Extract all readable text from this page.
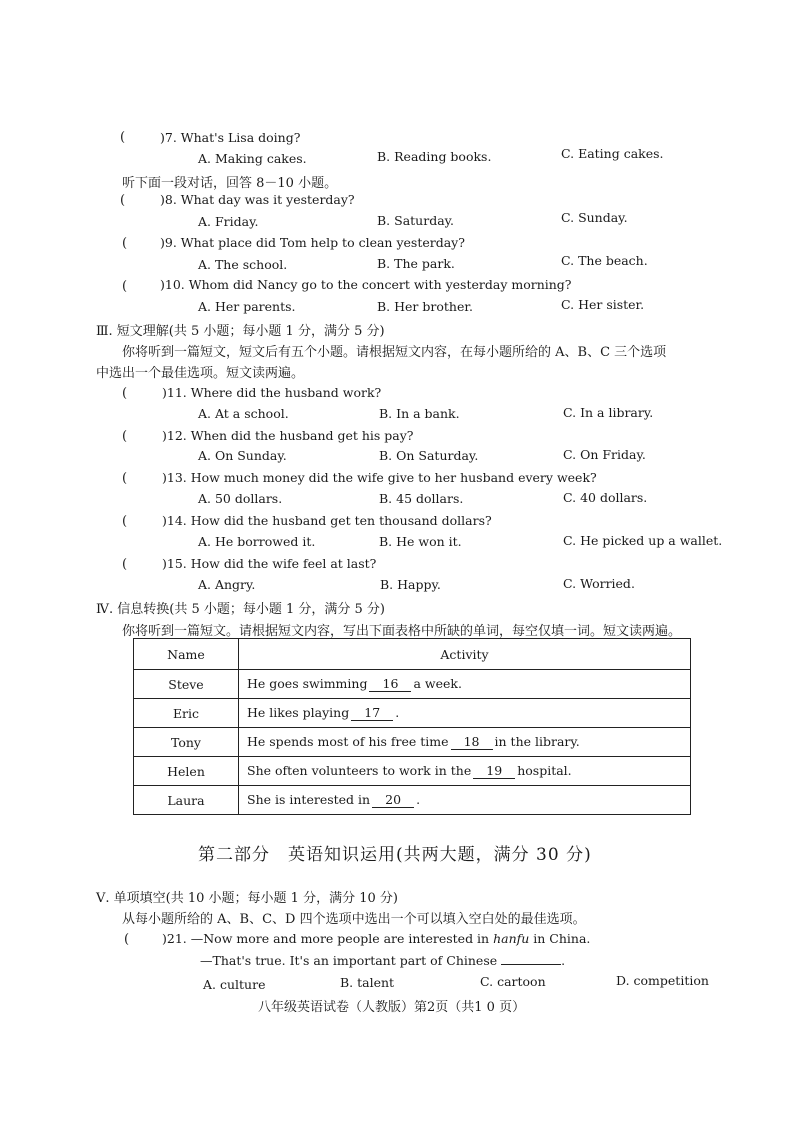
(	)7. What's Lisa doing?
A. Making cakes.	B. Reading books.	C. Eating cakes.
听下面一段对话，回答 8－10 小题。
(	)8. What day was it yesterday?
A. Friday.	B. Saturday.	C. Sunday.
(	)9. What place did Tom help to clean yesterday?
A. The school.	B. The park.	C. The beach.
(	)10. Whom did Nancy go to the concert with yesterday morning?
A. Her parents.	B. Her brother.	C. Her sister.
Ⅲ. 短文理解(共 5 小题；每小题 1 分，满分 5 分)
你将听到一篇短文，短文后有五个小题。请根据短文内容，在每小题所给的 A、B、C 三个选项
中选出一个最佳选项。短文读两遍。
(	)11. Where did the husband work?
A. At a school.	B. In a bank.	C. In a library.
(	)12. When did the husband get his pay?
A. On Sunday.	B. On Saturday.	C. On Friday.
(	)13. How much money did the wife give to her husband every week?
A. 50 dollars.	B. 45 dollars.	C. 40 dollars.
(	)14. How did the husband get ten thousand dollars?
A. He borrowed it.	B. He won it.	C. He picked up a wallet.
(	)15. How did the wife feel at last?
A. Angry.	B. Happy.	C. Worried.
Ⅳ. 信息转换(共 5 小题；每小题 1 分，满分 5 分)
你将听到一篇短文。请根据短文内容，写出下面表格中所缺的单词，每空仅填一词。短文读两遍。
Name	Activity
Steve	He goes swimming 16 a week.
Eric	He likes playing 17 .
Tony	He spends most of his free time 18 in the library.
Helen	She often volunteers to work in the 19 hospital.
Laura	She is interested in 20 .
第二部分　英语知识运用(共两大题，满分 30 分)
Ⅴ. 单项填空(共 10 小题；每小题 1 分，满分 10 分)
从每小题所给的 A、B、C、D 四个选项中选出一个可以填入空白处的最佳选项。
(	)21. —Now more and more people are interested in hanfu in China.
—That's true. It's an important part of Chinese	.
A. culture	B. talent	C. cartoon	D. competition
八年级英语试卷（人教版）第2页（共1 0 页）
